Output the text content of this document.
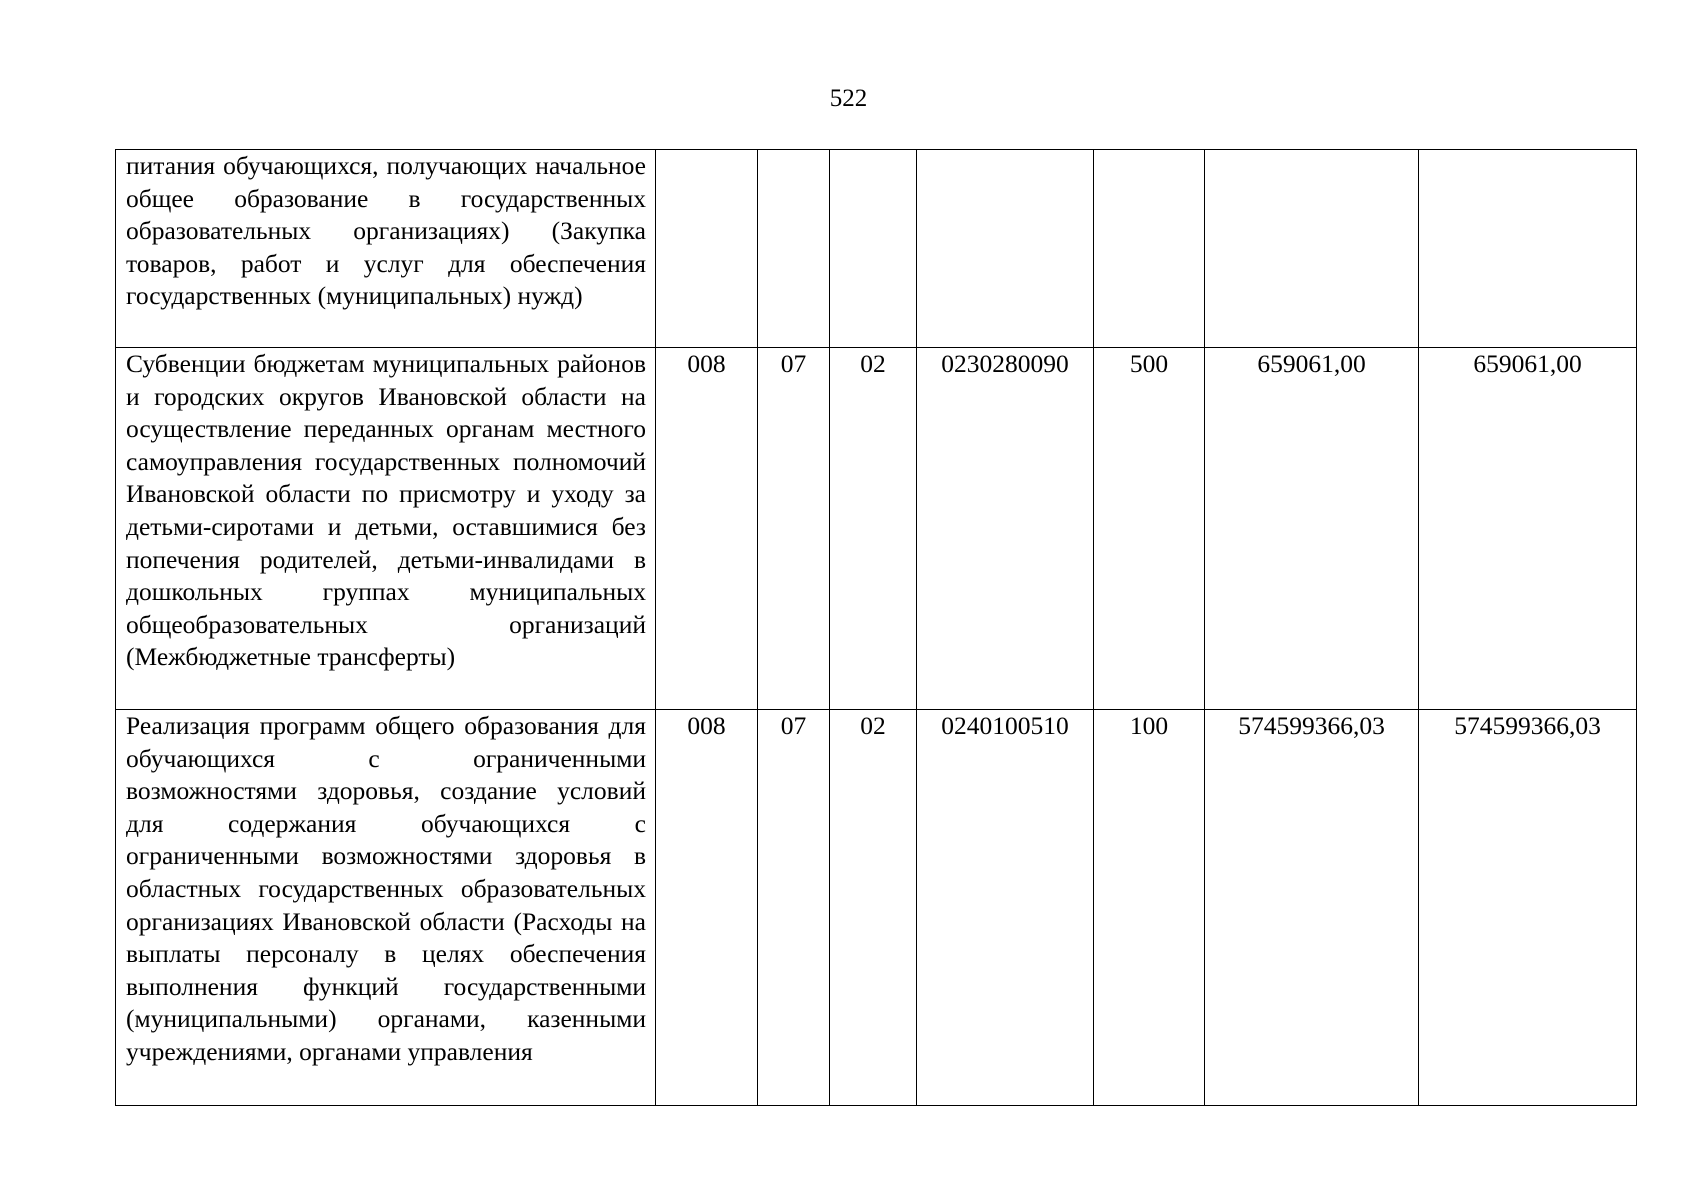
522
питания обучающихся, получающих начальное общее образование в государственных образовательных организациях) (Закупка товаров, работ и услуг для обеспечения государственных (муниципальных) нужд)							

Субвенции бюджетам муниципальных районов и городских округов Ивановской области на осуществление переданных органам местного самоуправления государственных полномочий Ивановской области по присмотру и уходу за детьми-сиротами и детьми, оставшимися без попечения родителей, детьми-инвалидами в дошкольных группах муниципальных общеобразовательных организаций (Межбюджетные трансферты)	008	07	02	0230280090	500	659061,00	659061,00

Реализация программ общего образования для обучающихся с ограниченными возможностями здоровья, создание условий для содержания обучающихся с ограниченными возможностями здоровья в областных государственных образовательных организациях Ивановской области (Расходы на выплаты персоналу в целях обеспечения выполнения функций государственными (муниципальными) органами, казенными учреждениями, органами управления	008	07	02	0240100510	100	574599366,03	574599366,03
